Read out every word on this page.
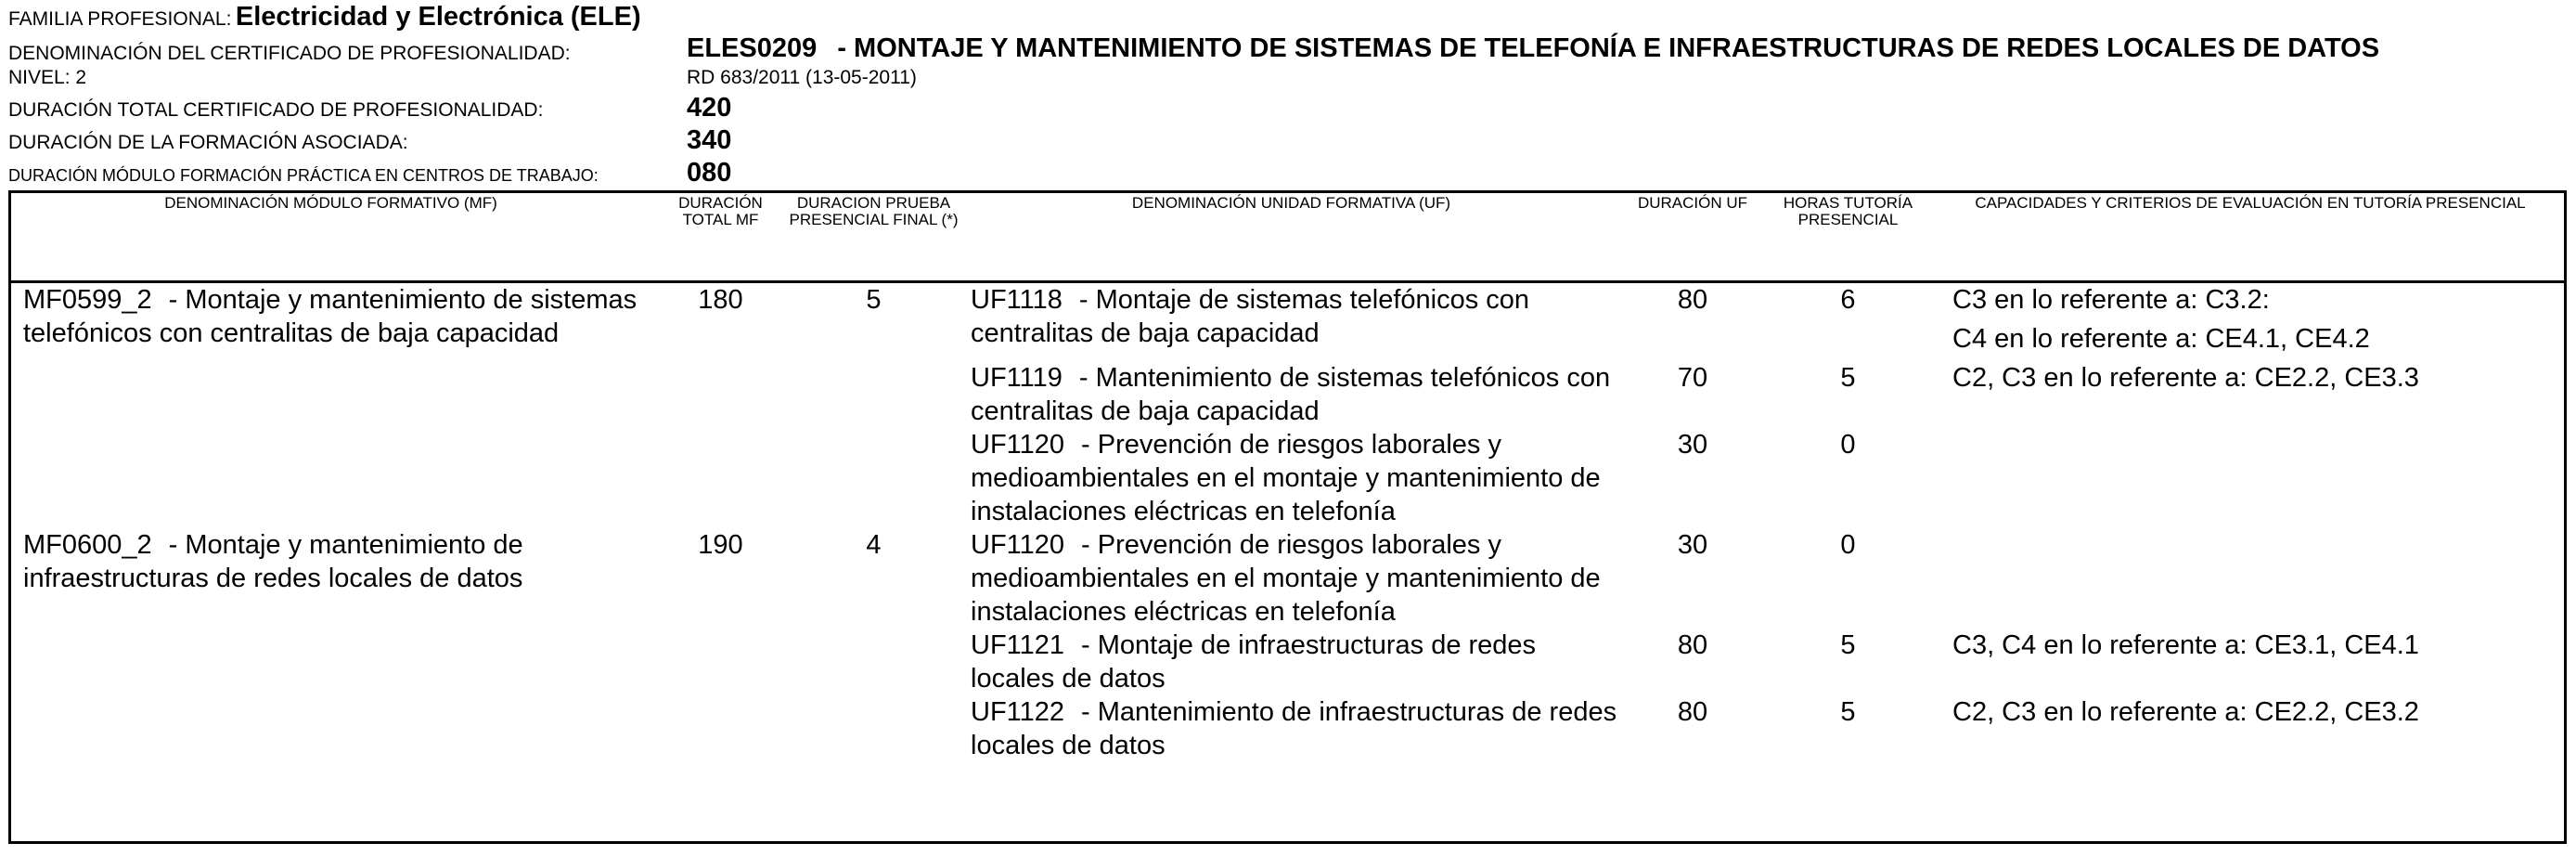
FAMILIA PROFESIONAL: Electricidad y Electrónica (ELE)
DENOMINACIÓN DEL CERTIFICADO DE PROFESIONALIDAD:	ELES0209 - MONTAJE Y MANTENIMIENTO DE SISTEMAS DE TELEFONÍA E INFRAESTRUCTURAS DE REDES LOCALES DE DATOS
NIVEL: 2	RD 683/2011 (13-05-2011)
DURACIÓN TOTAL CERTIFICADO DE PROFESIONALIDAD:	420
DURACIÓN DE LA FORMACIÓN ASOCIADA:	340
DURACIÓN MÓDULO FORMACIÓN PRÁCTICA EN CENTROS DE TRABAJO:	080
DENOMINACIÓN MÓDULO FORMATIVO (MF)	DURACIÓN TOTAL MF	DURACION PRUEBA PRESENCIAL FINAL (*)	DENOMINACIÓN UNIDAD FORMATIVA (UF)	DURACIÓN UF	HORAS TUTORÍA PRESENCIAL	CAPACIDADES Y CRITERIOS DE EVALUACIÓN EN TUTORÍA PRESENCIAL
MF0599_2 - Montaje y mantenimiento de sistemas telefónicos con centralitas de baja capacidad	180	5	UF1118 - Montaje de sistemas telefónicos con centralitas de baja capacidad	80	6	C3 en lo referente a: C3.2:
						C4 en lo referente a: CE4.1, CE4.2
			UF1119 - Mantenimiento de sistemas telefónicos con centralitas de baja capacidad	70	5	C2, C3 en lo referente a: CE2.2, CE3.3
			UF1120 - Prevención de riesgos laborales y medioambientales en el montaje y mantenimiento de instalaciones eléctricas en telefonía	30	0	
MF0600_2 - Montaje y mantenimiento de infraestructuras de redes locales de datos	190	4	UF1120 - Prevención de riesgos laborales y medioambientales en el montaje y mantenimiento de instalaciones eléctricas en telefonía	30	0	
			UF1121 - Montaje de infraestructuras de redes locales de datos	80	5	C3, C4 en lo referente a: CE3.1, CE4.1
			UF1122 - Mantenimiento de infraestructuras de redes locales de datos	80	5	C2, C3 en lo referente a: CE2.2, CE3.2
